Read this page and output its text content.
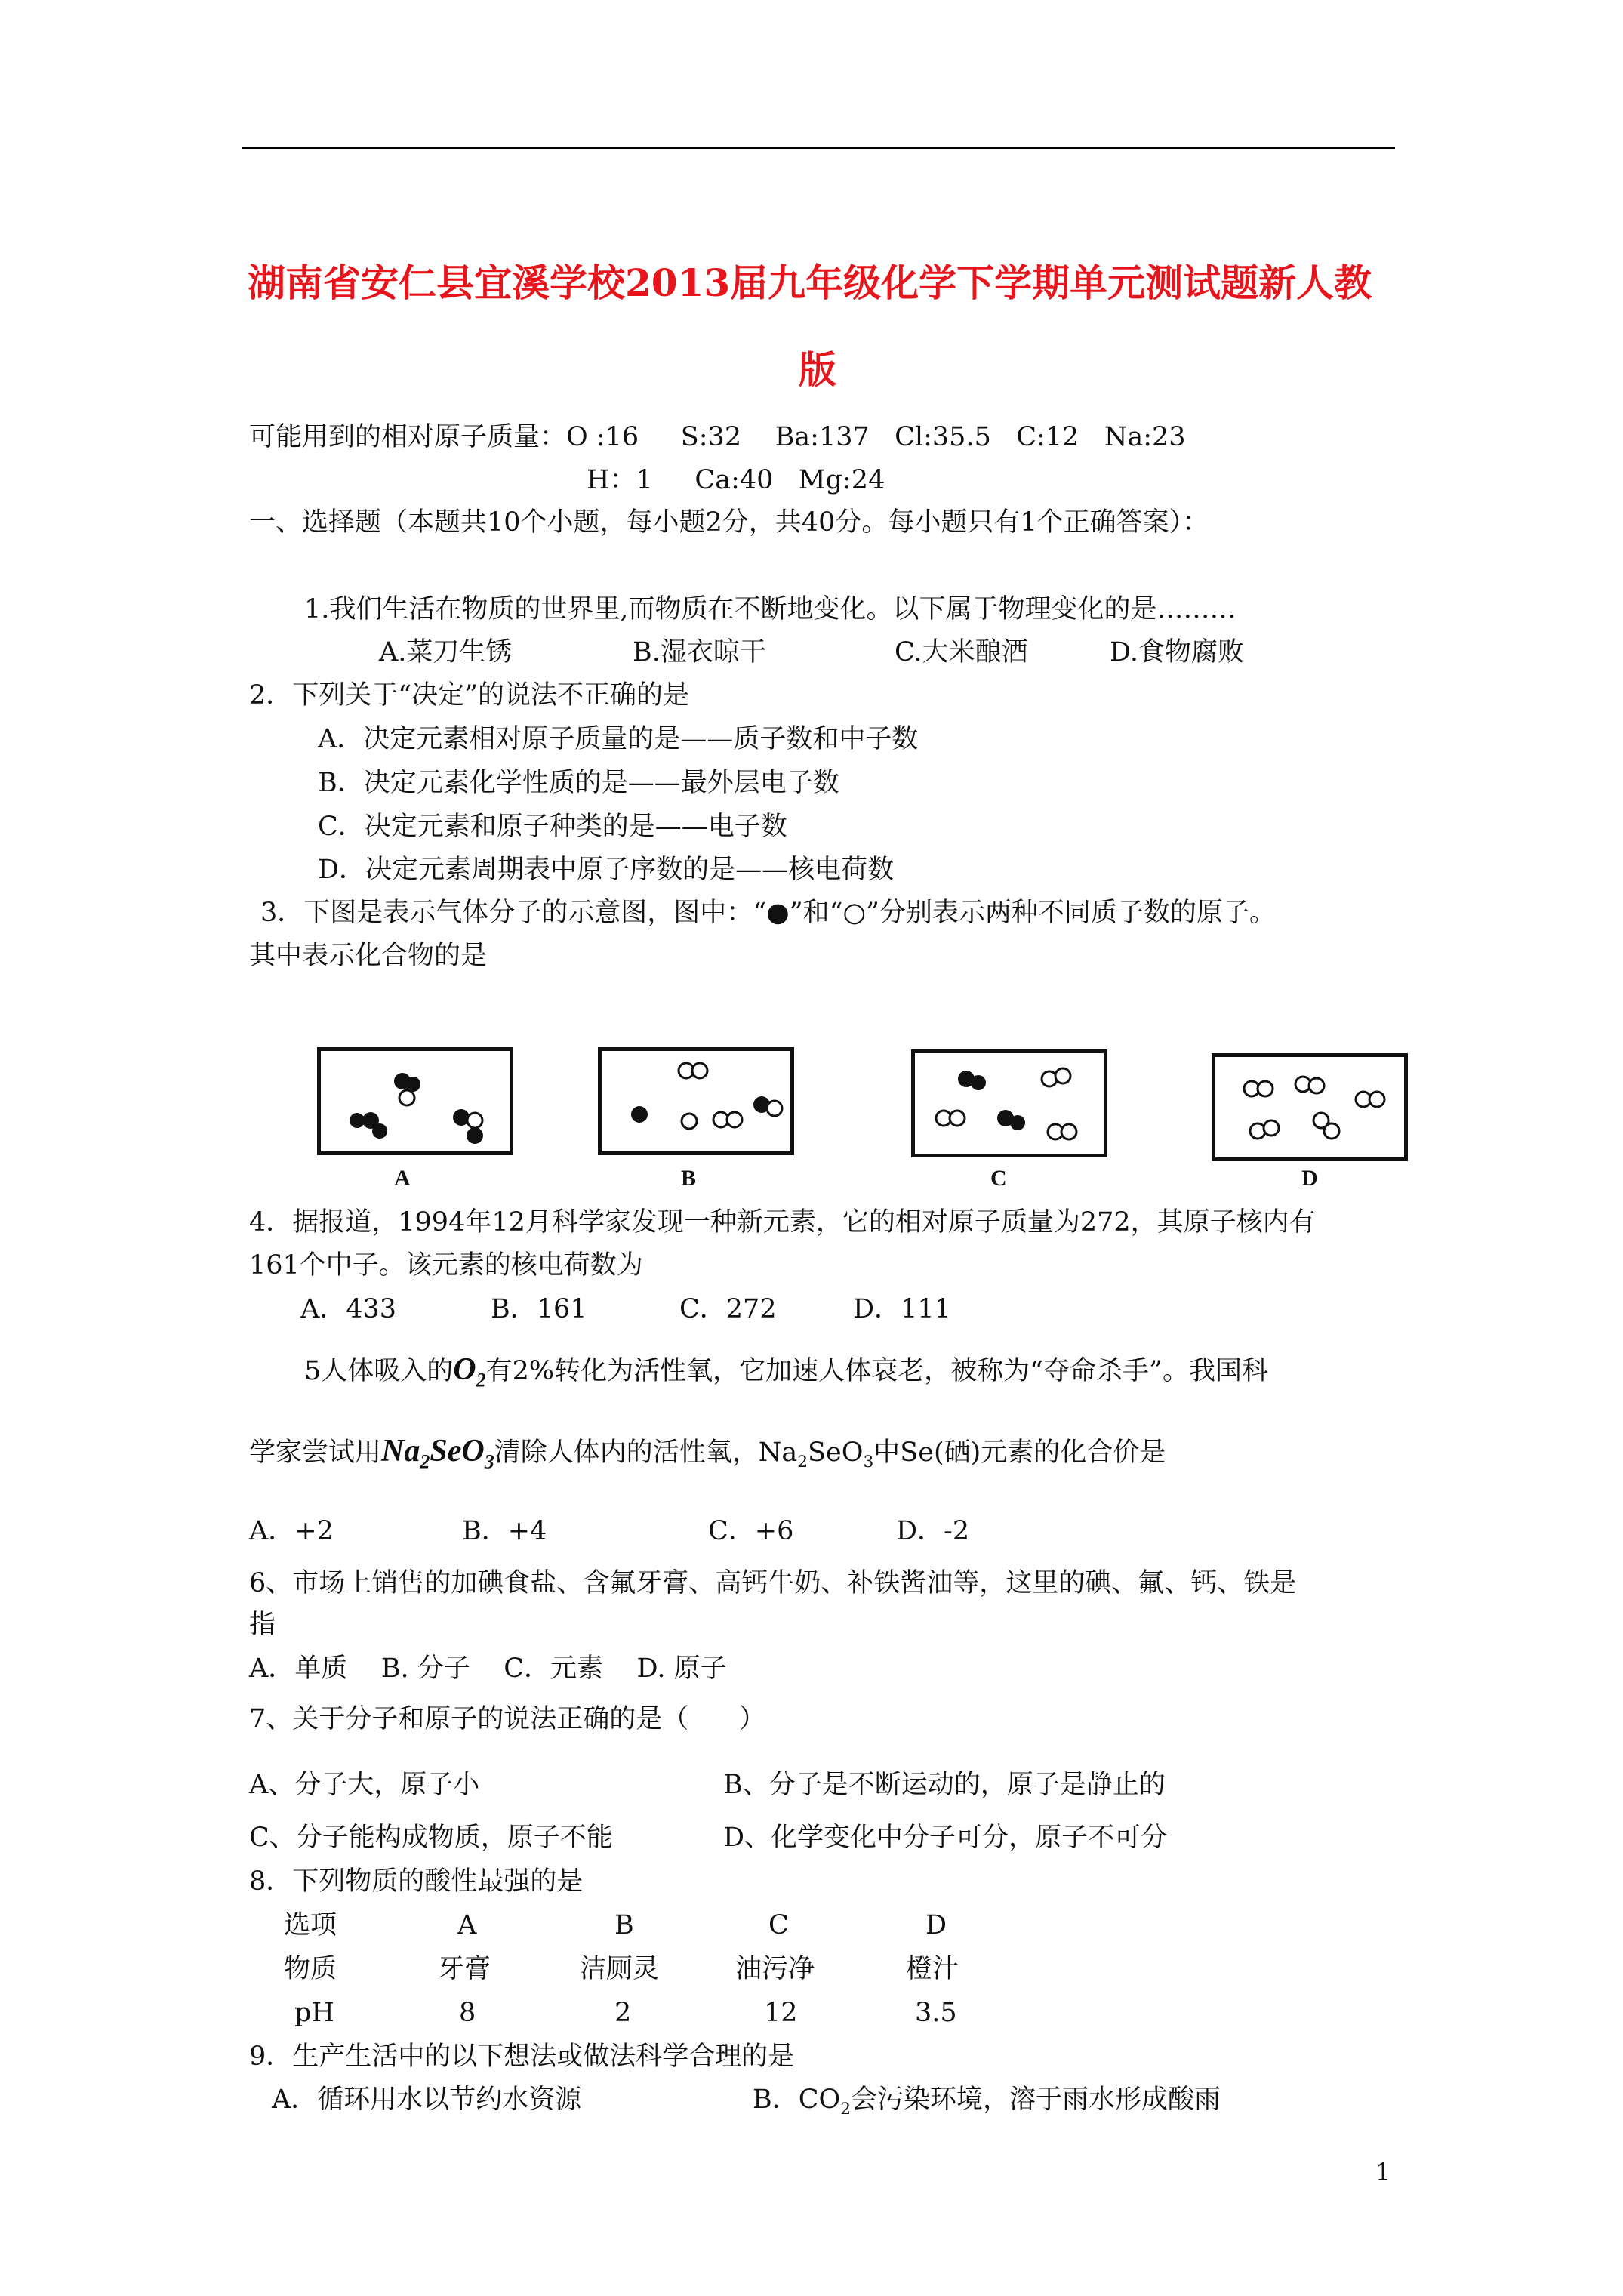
湖南省安仁县宜溪学校2013届九年级化学下学期单元测试题新人教
版
可能用到的相对原子质量：O :16     S:32    Ba:137   Cl:35.5   C:12   Na:23
H：1     Ca:40   Mg:24
一、选择题（本题共10个小题，每小题2分，共40分。每小题只有1个正确答案）：
1.我们生活在物质的世界里,而物质在不断地变化。以下属于物理变化的是………
A.菜刀生锈	B.湿衣晾干	C.大米酿酒	D.食物腐败
2．下列关于“决定”的说法不正确的是
A．决定元素相对原子质量的是——质子数和中子数
B．决定元素化学性质的是——最外层电子数
C．决定元素和原子种类的是——电子数
D．决定元素周期表中原子序数的是——核电荷数
3．下图是表示气体分子的示意图，图中：“●”和“○”分别表示两种不同质子数的原子。
其中表示化合物的是
A	B	C	D
4．据报道，1994年12月科学家发现一种新元素，它的相对原子质量为272，其原子核内有
161个中子。该元素的核电荷数为
A．433	B．161	C．272	D．111
5人体吸入的$O_2$有2%转化为活性氧，它加速人体衰老，被称为“夺命杀手”。我国科
学家尝试用$Na_2SeO_3$清除人体内的活性氧，$Na_2SeO_3$中Se(硒)元素的化合价是
A．+2	B．+4	C．+6	D．-2
6、市场上销售的加碘食盐、含氟牙膏、高钙牛奶、补铁酱油等，这里的碘、氟、钙、铁是
指
A．单质    B. 分子    C．元素    D. 原子
7、关于分子和原子的说法正确的是（      ）
A、分子大，原子小	B、分子是不断运动的，原子是静止的
C、分子能构成物质，原子不能	D、化学变化中分子可分，原子不可分
8．下列物质的酸性最强的是
选项	A	B	C	D
物质	牙膏	洁厕灵	油污净	橙汁
pH	8	2	12	3.5
9．生产生活中的以下想法或做法科学合理的是
A．循环用水以节约水资源	B．$CO_2$会污染环境，溶于雨水形成酸雨
1
